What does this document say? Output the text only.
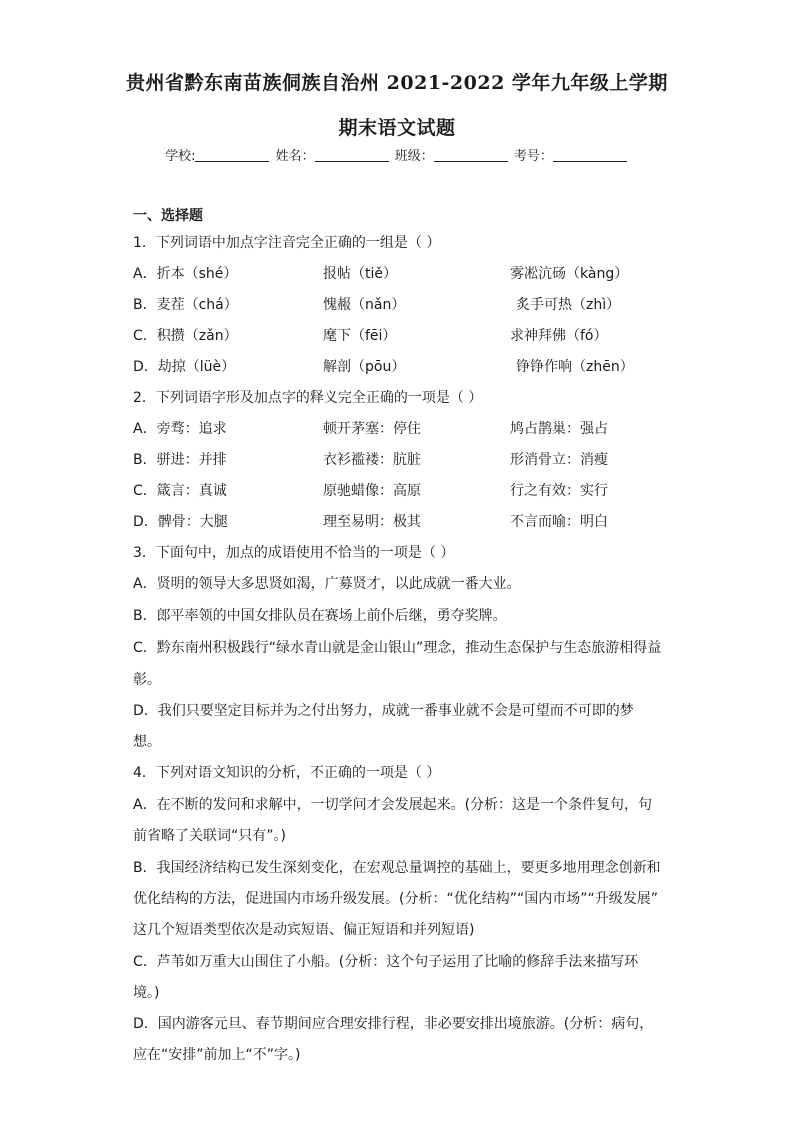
贵州省黔东南苗族侗族自治州 2021-2022 学年九年级上学期
期末语文试题
学校:	姓名：	班级：	考号：
一、选择题
1．下列词语中加点字注音完全正确的一组是（ ）
A．折本（shé）	报帖（tiě）	雾凇沆砀（kàng）
B．麦茬（chá）	愧赧（nǎn）	炙手可热（zhì）
C．积攒（zǎn）	麾下（fēi）	求神拜佛（fó）
D．劫掠（lüè）	解剖（pōu）	铮铮作响（zhēn）
2．下列词语字形及加点字的释义完全正确的一项是（ ）
A．旁骛：追求	顿开茅塞：停住	鸠占鹊巢：强占
B．骈进：并排	衣衫褴褛：肮脏	形消骨立：消瘦
C．箴言：真诚	原驰蜡像：高原	行之有效：实行
D．髀骨：大腿	理至易明：极其	不言而喻：明白
3．下面句中，加点的成语使用不恰当的一项是（ ）
A．贤明的领导大多思贤如渴，广募贤才，以此成就一番大业。
B．郎平率领的中国女排队员在赛场上前仆后继，勇夺奖牌。
C．黔东南州积极践行“绿水青山就是金山银山”理念，推动生态保护与生态旅游相得益
彰。
D．我们只要坚定目标并为之付出努力，成就一番事业就不会是可望而不可即的梦
想。
4．下列对语文知识的分析，不正确的一项是（ ）
A．在不断的发问和求解中，一切学问才会发展起来。(分析：这是一个条件复句，句
前省略了关联词“只有”。)
B．我国经济结构已发生深刻变化，在宏观总量调控的基础上，要更多地用理念创新和
优化结构的方法，促进国内市场升级发展。(分析：“优化结构”“国内市场”“升级发展”
这几个短语类型依次是动宾短语、偏正短语和并列短语)
C．芦苇如万重大山围住了小船。(分析：这个句子运用了比喻的修辞手法来描写环
境。)
D．国内游客元旦、春节期间应合理安排行程，非必要安排出境旅游。(分析：病句，
应在“安排”前加上“不”字。)
